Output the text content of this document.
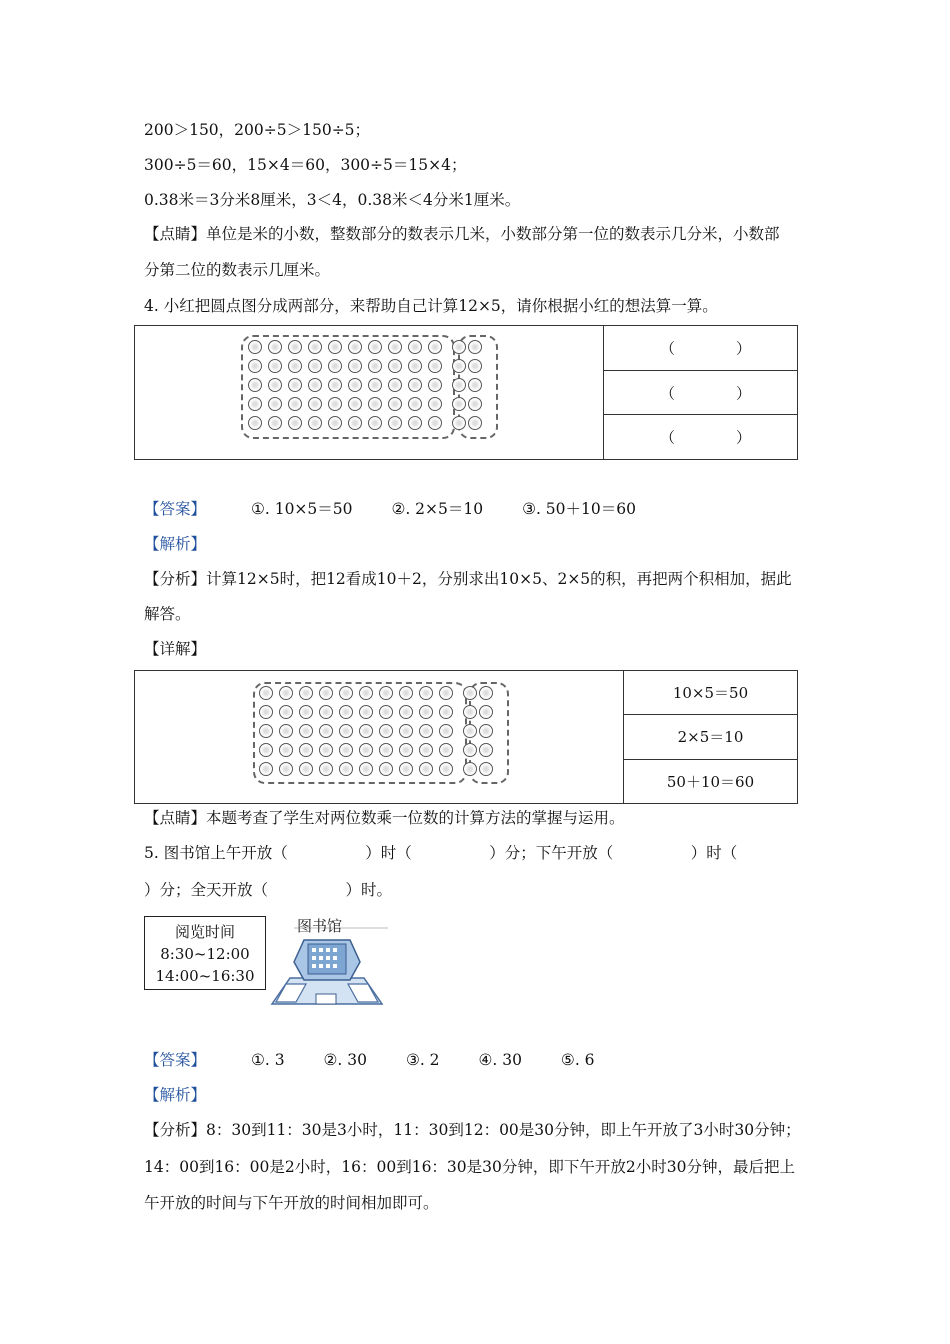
200＞150，200÷5＞150÷5；
300÷5＝60，15×4＝60，300÷5＝15×4；
0.38米＝3分米8厘米，3＜4，0.38米＜4分米1厘米。
【点睛】单位是米的小数，整数部分的数表示几米，小数部分第一位的数表示几分米，小数部
分第二位的数表示几厘米。
4. 小红把圆点图分成两部分，来帮助自己计算12×5，请你根据小红的想法算一算。
（	）
（	）
（	）
【答案】	①. 10×5＝50	②. 2×5＝10	③. 50＋10＝60
【解析】
【分析】计算12×5时，把12看成10＋2，分别求出10×5、2×5的积，再把两个积相加，据此
解答。
【详解】
10×5＝50
2×5＝10
50＋10＝60
【点睛】本题考查了学生对两位数乘一位数的计算方法的掌握与运用。
5. 图书馆上午开放（　　　　　）时（　　　　　）分；下午开放（　　　　　）时（
）分；全天开放（　　　　　）时。
阅览时间
8:30~12:00
14:00~16:30
图书馆
【答案】	①. 3	②. 30	③. 2	④. 30	⑤. 6
【解析】
【分析】8：30到11：30是3小时，11：30到12：00是30分钟，即上午开放了3小时30分钟；
14：00到16：00是2小时，16：00到16：30是30分钟，即下午开放2小时30分钟，最后把上
午开放的时间与下午开放的时间相加即可。
